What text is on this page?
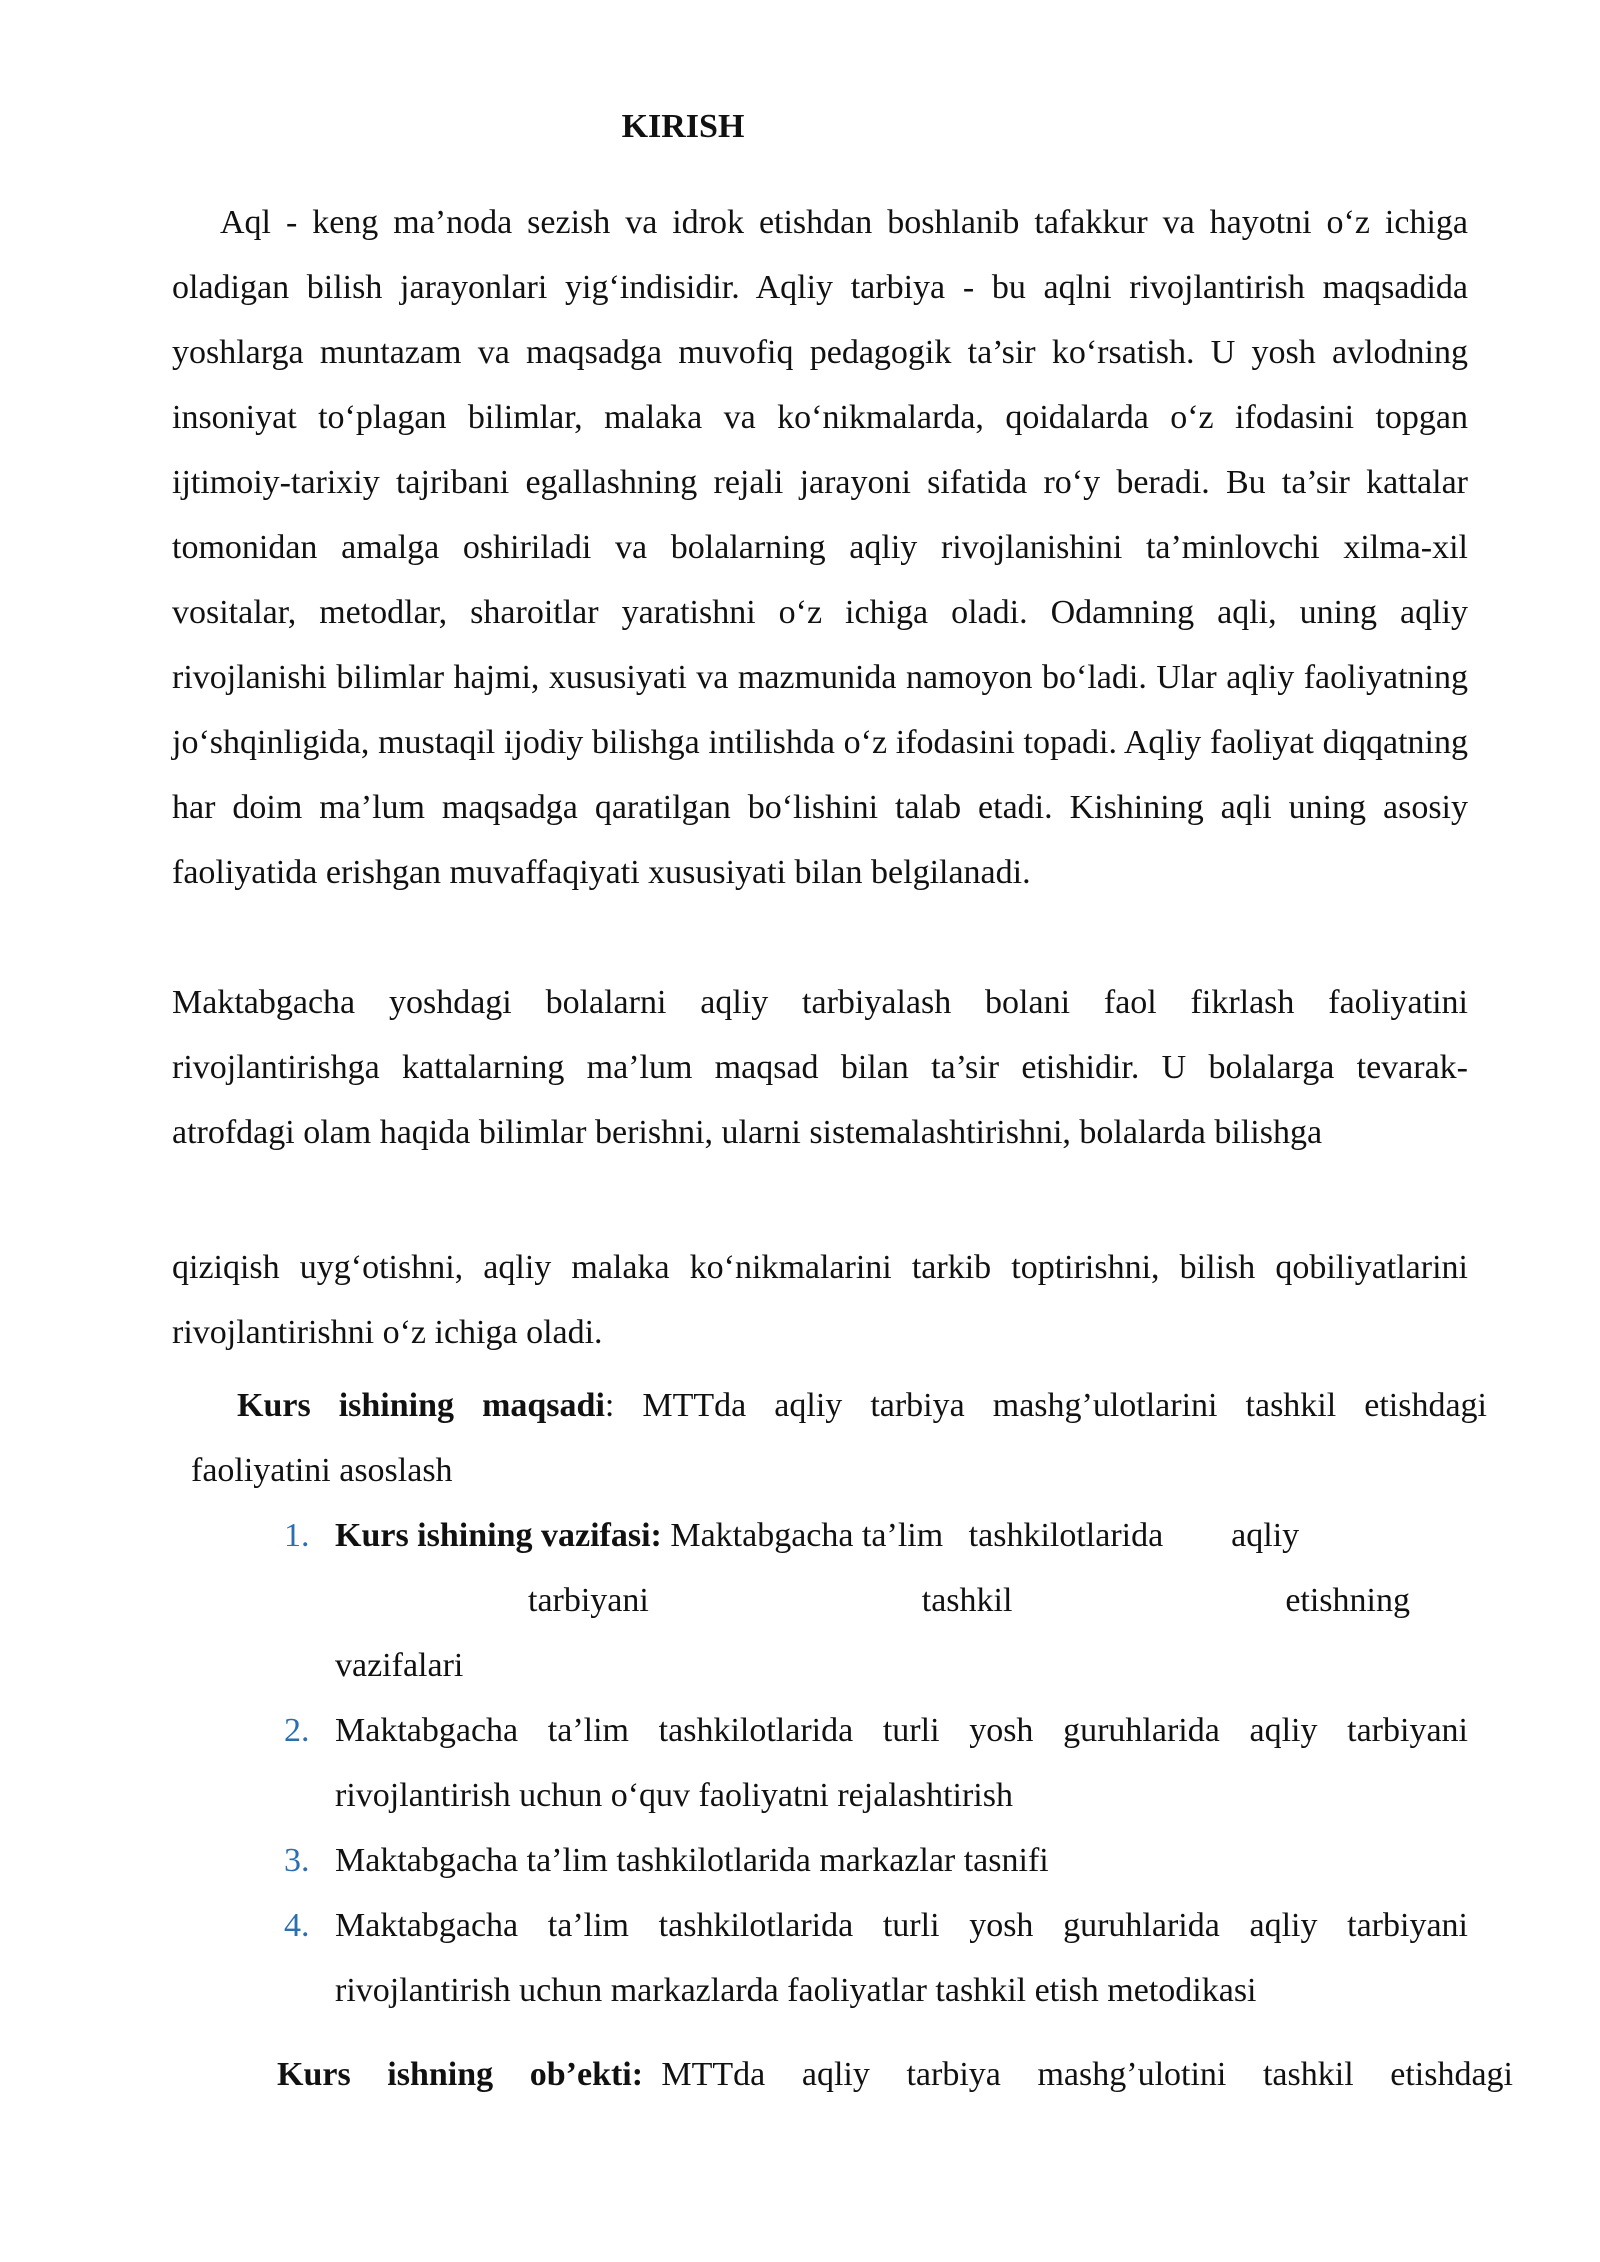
KIRISH

Aql - keng ma’noda sezish va idrok etishdan boshlanib tafakkur va hayotni o‘z ichiga oladigan bilish jarayonlari yig‘indisidir. Aqliy tarbiya - bu aqlni rivojlantirish maqsadida yoshlarga muntazam va maqsadga muvofiq pedagogik ta’sir ko‘rsatish. U yosh avlodning insoniyat to‘plagan bilimlar, malaka va ko‘nikmalarda, qoidalarda o‘z ifodasini topgan ijtimoiy-tarixiy tajribani egallashning rejali jarayoni sifatida ro‘y beradi. Bu ta’sir kattalar tomonidan amalga oshiriladi va bolalarning aqliy rivojlanishini ta’minlovchi xilma-xil vositalar, metodlar, sharoitlar yaratishni o‘z ichiga oladi. Odamning aqli, uning aqliy rivojlanishi bilimlar hajmi, xususiyati va mazmunida namoyon bo‘ladi. Ular aqliy faoliyatning jo‘shqinligida, mustaqil ijodiy bilishga intilishda o‘z ifodasini topadi. Aqliy faoliyat diqqatning har doim ma’lum maqsadga qaratilgan bo‘lishini talab etadi. Kishining aqli uning asosiy faoliyatida erishgan muvaffaqiyati xususiyati bilan belgilanadi.

Maktabgacha yoshdagi bolalarni aqliy tarbiyalash bolani faol fikrlash faoliyatini rivojlantirishga kattalarning ma’lum maqsad bilan ta’sir etishidir. U bolalarga tevarak- atrofdagi olam haqida bilimlar berishni, ularni sistemalashtirishni, bolalarda bilishga

qiziqish uyg‘otishni, aqliy malaka ko‘nikmalarini tarkib toptirishni, bilish qobiliyatlarini rivojlantirishni o‘z ichiga oladi.

Kurs ishining maqsadi: MTTda aqliy tarbiya mashg’ulotlarini tashkil etishdagi
faoliyatini asoslash
1. Kurs ishining vazifasi: Maktabgacha ta’lim   tashkilotlarida        aqliy
tarbiyani	tashkil	etishning
vazifalari
2. Maktabgacha ta’lim tashkilotlarida turli yosh guruhlarida aqliy tarbiyani rivojlantirish uchun o‘quv faoliyatni rejalashtirish
3. Maktabgacha ta’lim tashkilotlarida markazlar tasnifi
4. Maktabgacha ta’lim tashkilotlarida turli yosh guruhlarida aqliy tarbiyani rivojlantirish uchun markazlarda faoliyatlar tashkil etish metodikasi
Kurs  ishning  ob’ekti: MTTda  aqliy  tarbiya  mashg’ulotini  tashkil  etishdagi
